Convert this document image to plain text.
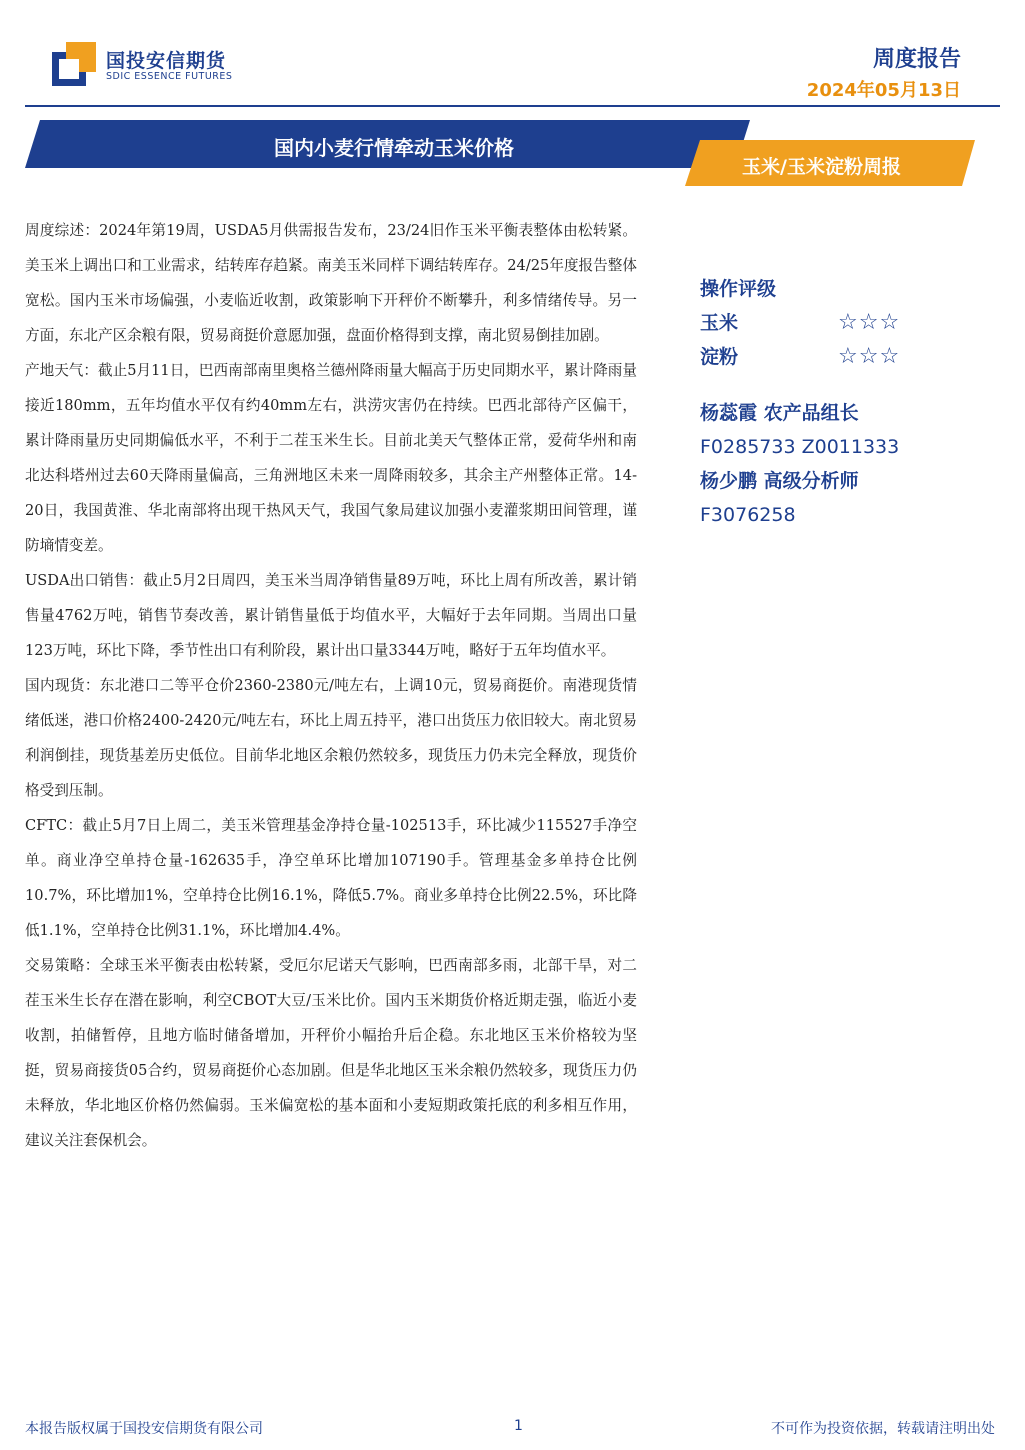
国投安信期货
SDIC ESSENCE FUTURES
周度报告
2024年05月13日
国内小麦行情牵动玉米价格
玉米/玉米淀粉周报

周度综述：2024年第19周，USDA5月供需报告发布，23/24旧作玉米平衡表整体由松转紧。美玉米上调出口和工业需求，结转库存趋紧。南美玉米同样下调结转库存。24/25年度报告整体宽松。国内玉米市场偏强，小麦临近收割，政策影响下开秤价不断攀升，利多情绪传导。另一方面，东北产区余粮有限，贸易商挺价意愿加强，盘面价格得到支撑，南北贸易倒挂加剧。

产地天气：截止5月11日，巴西南部南里奥格兰德州降雨量大幅高于历史同期水平，累计降雨量接近180mm，五年均值水平仅有约40mm左右，洪涝灾害仍在持续。巴西北部待产区偏干，累计降雨量历史同期偏低水平，不利于二茬玉米生长。目前北美天气整体正常，爱荷华州和南北达科塔州过去60天降雨量偏高，三角洲地区未来一周降雨较多，其余主产州整体正常。14-20日，我国黄淮、华北南部将出现干热风天气，我国气象局建议加强小麦灌浆期田间管理，谨防墒情变差。

USDA出口销售：截止5月2日周四，美玉米当周净销售量89万吨，环比上周有所改善，累计销售量4762万吨，销售节奏改善，累计销售量低于均值水平，大幅好于去年同期。当周出口量123万吨，环比下降，季节性出口有利阶段，累计出口量3344万吨，略好于五年均值水平。

国内现货：东北港口二等平仓价2360-2380元/吨左右，上调10元，贸易商挺价。南港现货情绪低迷，港口价格2400-2420元/吨左右，环比上周五持平，港口出货压力依旧较大。南北贸易利润倒挂，现货基差历史低位。目前华北地区余粮仍然较多，现货压力仍未完全释放，现货价格受到压制。

CFTC：截止5月7日上周二，美玉米管理基金净持仓量-102513手，环比减少115527手净空单。商业净空单持仓量-162635手，净空单环比增加107190手。管理基金多单持仓比例10.7%，环比增加1%，空单持仓比例16.1%，降低5.7%。商业多单持仓比例22.5%，环比降低1.1%，空单持仓比例31.1%，环比增加4.4%。

交易策略：全球玉米平衡表由松转紧，受厄尔尼诺天气影响，巴西南部多雨，北部干旱，对二茬玉米生长存在潜在影响，利空CBOT大豆/玉米比价。国内玉米期货价格近期走强，临近小麦收割，拍储暂停，且地方临时储备增加，开秤价小幅抬升后企稳。东北地区玉米价格较为坚挺，贸易商接货05合约，贸易商挺价心态加剧。但是华北地区玉米余粮仍然较多，现货压力仍未释放，华北地区价格仍然偏弱。玉米偏宽松的基本面和小麦短期政策托底的利多相互作用，建议关注套保机会。

操作评级
玉米	☆☆☆
淀粉	☆☆☆
杨蕊霞 农产品组长
F0285733 Z0011333
杨少鹏 高级分析师
F3076258
本报告版权属于国投安信期货有限公司	1	不可作为投资依据，转载请注明出处
